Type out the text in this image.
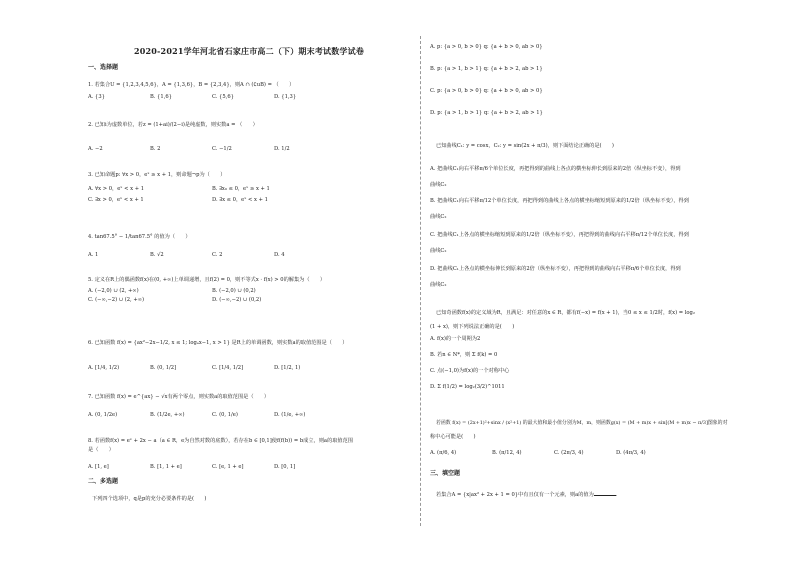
2020-2021学年河北省石家庄市高二（下）期末考试数学试卷
一、选择题
1. 若集合U = {1,2,3,4,5,6}，A = {1,3,6}，B = {2,3,4}，则A ∩ (∁uB) = （　　）
A. {3}	B. {1,6}	C. {5,6}	D. {1,3}
2. 已知i为虚数单位，若z = (1+ai)/(2−i)是纯虚数，则实数a = （　　）
A. −2	B. 2	C. −1/2	D. 1/2
3. 已知命题p: ∀x > 0，eˣ ≥ x + 1，则命题¬p为（　　）
A. ∀x > 0，eˣ < x + 1	B. ∃x₀ ≤ 0，eˣ ≥ x + 1
C. ∃x > 0，eˣ < x + 1	D. ∃x ≤ 0，eˣ < x + 1
4. tan67.5° − 1/tan67.5° 的值为（　　）
A. 1	B. √2	C. 2	D. 4
5. 定义在R上的偶函数f(x)在(0, +∞)上单调递增，且f(2) = 0，则不等式x · f(x) > 0的解集为（　　）
A. (−2,0) ∪ (2, +∞)	B. (−2,0) ∪ (0,2)
C. (−∞,−2) ∪ (2, +∞)	D. (−∞,−2) ∪ (0,2)
6. 已知函数 f(x) = {ax²−2x−1/2, x ≤ 1; logₐx−1, x > 1} 是R上的单调函数，则实数a的取值范围是（　　）
A. [1/4, 1/2)	B. (0, 1/2]	C. [1/4, 1/2]	D. [1/2, 1)
7. 已知函数 f(x) = e^{ax} − √x有两个零点，则实数a的取值范围是（　　）
A. (0, 1/2e)	B. (1/2e, +∞)	C. (0, 1/e)	D. (1/e, +∞)
8. 若函数f(x) = eˣ + 2x − a（a ∈ R，e为自然对数的底数），若存在b ∈ [0,1]使f(f(b)) = b成立，则a的取值范围
是（　　）
A. [1, e]	B. [1, 1 + e]	C. [e, 1 + e]	D. [0, 1]
二、多选题
下列四个选项中，q是p的充分必要条件的是(　　)
A. p: {a > 0, b > 0} q: {a + b > 0, ab > 0}
B. p: {a > 1, b > 1} q: {a + b > 2, ab > 1}
C. p: {a > 0, b > 0} q: {a + b > 0, ab > 0}
D. p: {a > 1, b > 1} q: {a + b > 2, ab > 1}
已知曲线C₁: y = cosx，C₂: y = sin(2x + π/3)，则下面结论正确的是(　　)
A. 把曲线C₁向右平移π/6个单位长度，再把得到的曲线上各点的横坐标伸长到原来的2倍（纵坐标不变），得到
曲线C₂
B. 把曲线C₁向右平移π/12个单位长度，再把得到的曲线上各点的横坐标缩短到原来的1/2倍（纵坐标不变），得到
曲线C₂
C. 把曲线C₁上各点的横坐标缩短到原来的1/2倍（纵坐标不变），再把得到的曲线向右平移π/12个单位长度，得到
曲线C₂
D. 把曲线C₁上各点的横坐标伸长到原来的2倍（纵坐标不变），再把得到的曲线向右平移π/6个单位长度，得到
曲线C₂
已知奇函数f(x)的定义域为R，且满足：对任意的x ∈ R，都有f(−x) = f(x + 1)，当0 ≤ x ≤ 1/2时，f(x) = log₂
(1 + x)，则下列说法正确的是(　　)
A. f(x)的一个周期为2
B. 若n ∈ N*，则 Σ f(k) = 0
C. 点(−1,0)为f(x)的一个对称中心
D. Σ f(1/2) = log₂(3/2)^1011
若函数 f(x) = (2x+1)²+sinx / (x²+1) 的最大值和最小值分别为M，m，则函数g(x) = (M + m)x + sin[(M + m)x − π/3]图象的对
称中心可能是(　　)
A. (π/6, 4)	B. (π/12, 4)	C. (2π/3, 4)	D. (4π/3, 4)
三、填空题
若集合A = {x|ax² + 2x + 1 = 0}中有且仅有一个元素，则a的值为	.
